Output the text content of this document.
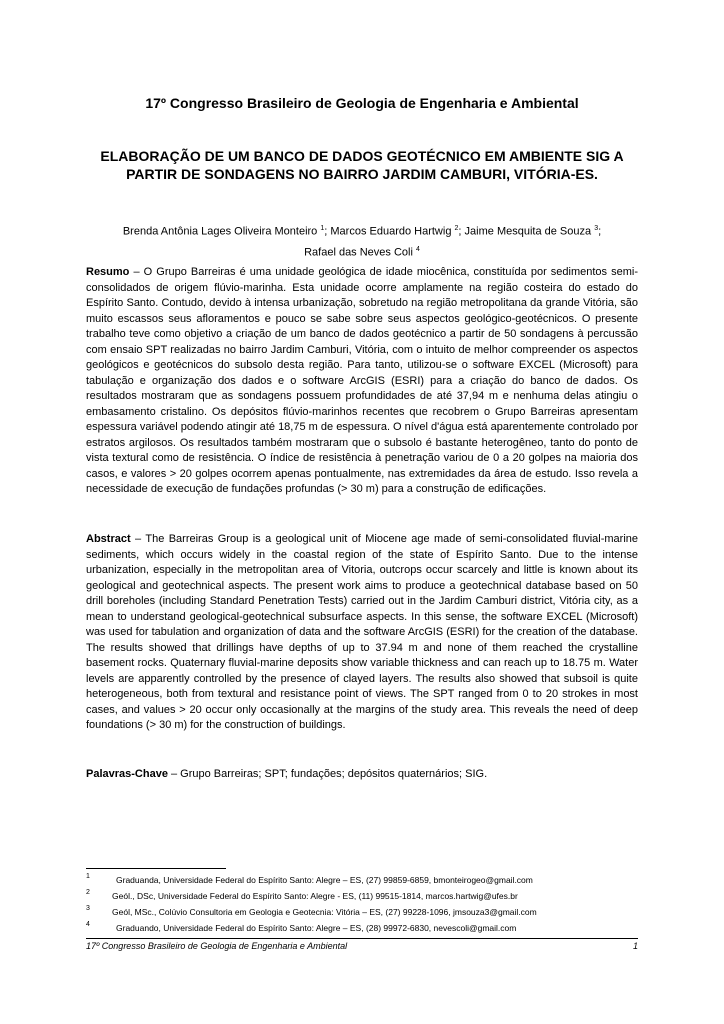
17º Congresso Brasileiro de Geologia de Engenharia e Ambiental
ELABORAÇÃO DE UM BANCO DE DADOS GEOTÉCNICO EM AMBIENTE SIG A PARTIR DE SONDAGENS NO BAIRRO JARDIM CAMBURI, VITÓRIA-ES.
Brenda Antônia Lages Oliveira Monteiro $^1$; Marcos Eduardo Hartwig $^2$; Jaime Mesquita de Souza $^3$;
Rafael das Neves Coli $^4$
Resumo – O Grupo Barreiras é uma unidade geológica de idade miocênica, constituída por sedimentos semi-consolidados de origem flúvio-marinha. Esta unidade ocorre amplamente na região costeira do estado do Espírito Santo. Contudo, devido à intensa urbanização, sobretudo na região metropolitana da grande Vitória, são muito escassos seus afloramentos e pouco se sabe sobre seus aspectos geológico-geotécnicos. O presente trabalho teve como objetivo a criação de um banco de dados geotécnico a partir de 50 sondagens à percussão com ensaio SPT realizadas no bairro Jardim Camburi, Vitória, com o intuito de melhor compreender os aspectos geológicos e geotécnicos do subsolo desta região. Para tanto, utilizou-se o software EXCEL (Microsoft) para tabulação e organização dos dados e o software ArcGIS (ESRI) para a criação do banco de dados. Os resultados mostraram que as sondagens possuem profundidades de até 37,94 m e nenhuma delas atingiu o embasamento cristalino. Os depósitos flúvio-marinhos recentes que recobrem o Grupo Barreiras apresentam espessura variável podendo atingir até 18,75 m de espessura. O nível d'água está aparentemente controlado por estratos argilosos. Os resultados também mostraram que o subsolo é bastante heterogêneo, tanto do ponto de vista textural como de resistência. O índice de resistência à penetração variou de 0 a 20 golpes na maioria dos casos, e valores > 20 golpes ocorrem apenas pontualmente, nas extremidades da área de estudo. Isso revela a necessidade de execução de fundações profundas (> 30 m) para a construção de edificações.
Abstract – The Barreiras Group is a geological unit of Miocene age made of semi-consolidated fluvial-marine sediments, which occurs widely in the coastal region of the state of Espírito Santo. Due to the intense urbanization, especially in the metropolitan area of Vitoria, outcrops occur scarcely and little is known about its geological and geotechnical aspects. The present work aims to produce a geotechnical database based on 50 drill boreholes (including Standard Penetration Tests) carried out in the Jardim Camburi district, Vitória city, as a mean to understand geological-geotechnical subsurface aspects. In this sense, the software EXCEL (Microsoft) was used for tabulation and organization of data and the software ArcGIS (ESRI) for the creation of the database. The results showed that drillings have depths of up to 37.94 m and none of them reached the crystalline basement rocks. Quaternary fluvial-marine deposits show variable thickness and can reach up to 18.75 m. Water levels are apparently controlled by the presence of clayed layers. The results also showed that subsoil is quite heterogeneous, both from textural and resistance point of views. The SPT ranged from 0 to 20 strokes in most cases, and values > 20 occur only occasionally at the margins of the study area. This reveals the need of deep foundations (> 30 m) for the construction of buildings.
Palavras-Chave – Grupo Barreiras; SPT; fundações; depósitos quaternários; SIG.
1	Graduanda, Universidade Federal do Espírito Santo: Alegre – ES, (27) 99859-6859, bmonteirogeo@gmail.com
2	Geól., DSc, Universidade Federal do Espírito Santo: Alegre - ES, (11) 99515-1814, marcos.hartwig@ufes.br
3	Geól, MSc., Colúvio Consultoria em Geologia e Geotecnia: Vitória – ES, (27) 99228-1096, jmsouza3@gmail.com
4	Graduando, Universidade Federal do Espírito Santo: Alegre – ES, (28) 99972-6830, nevescoli@gmail.com
17º Congresso Brasileiro de Geologia de Engenharia e Ambiental	1
